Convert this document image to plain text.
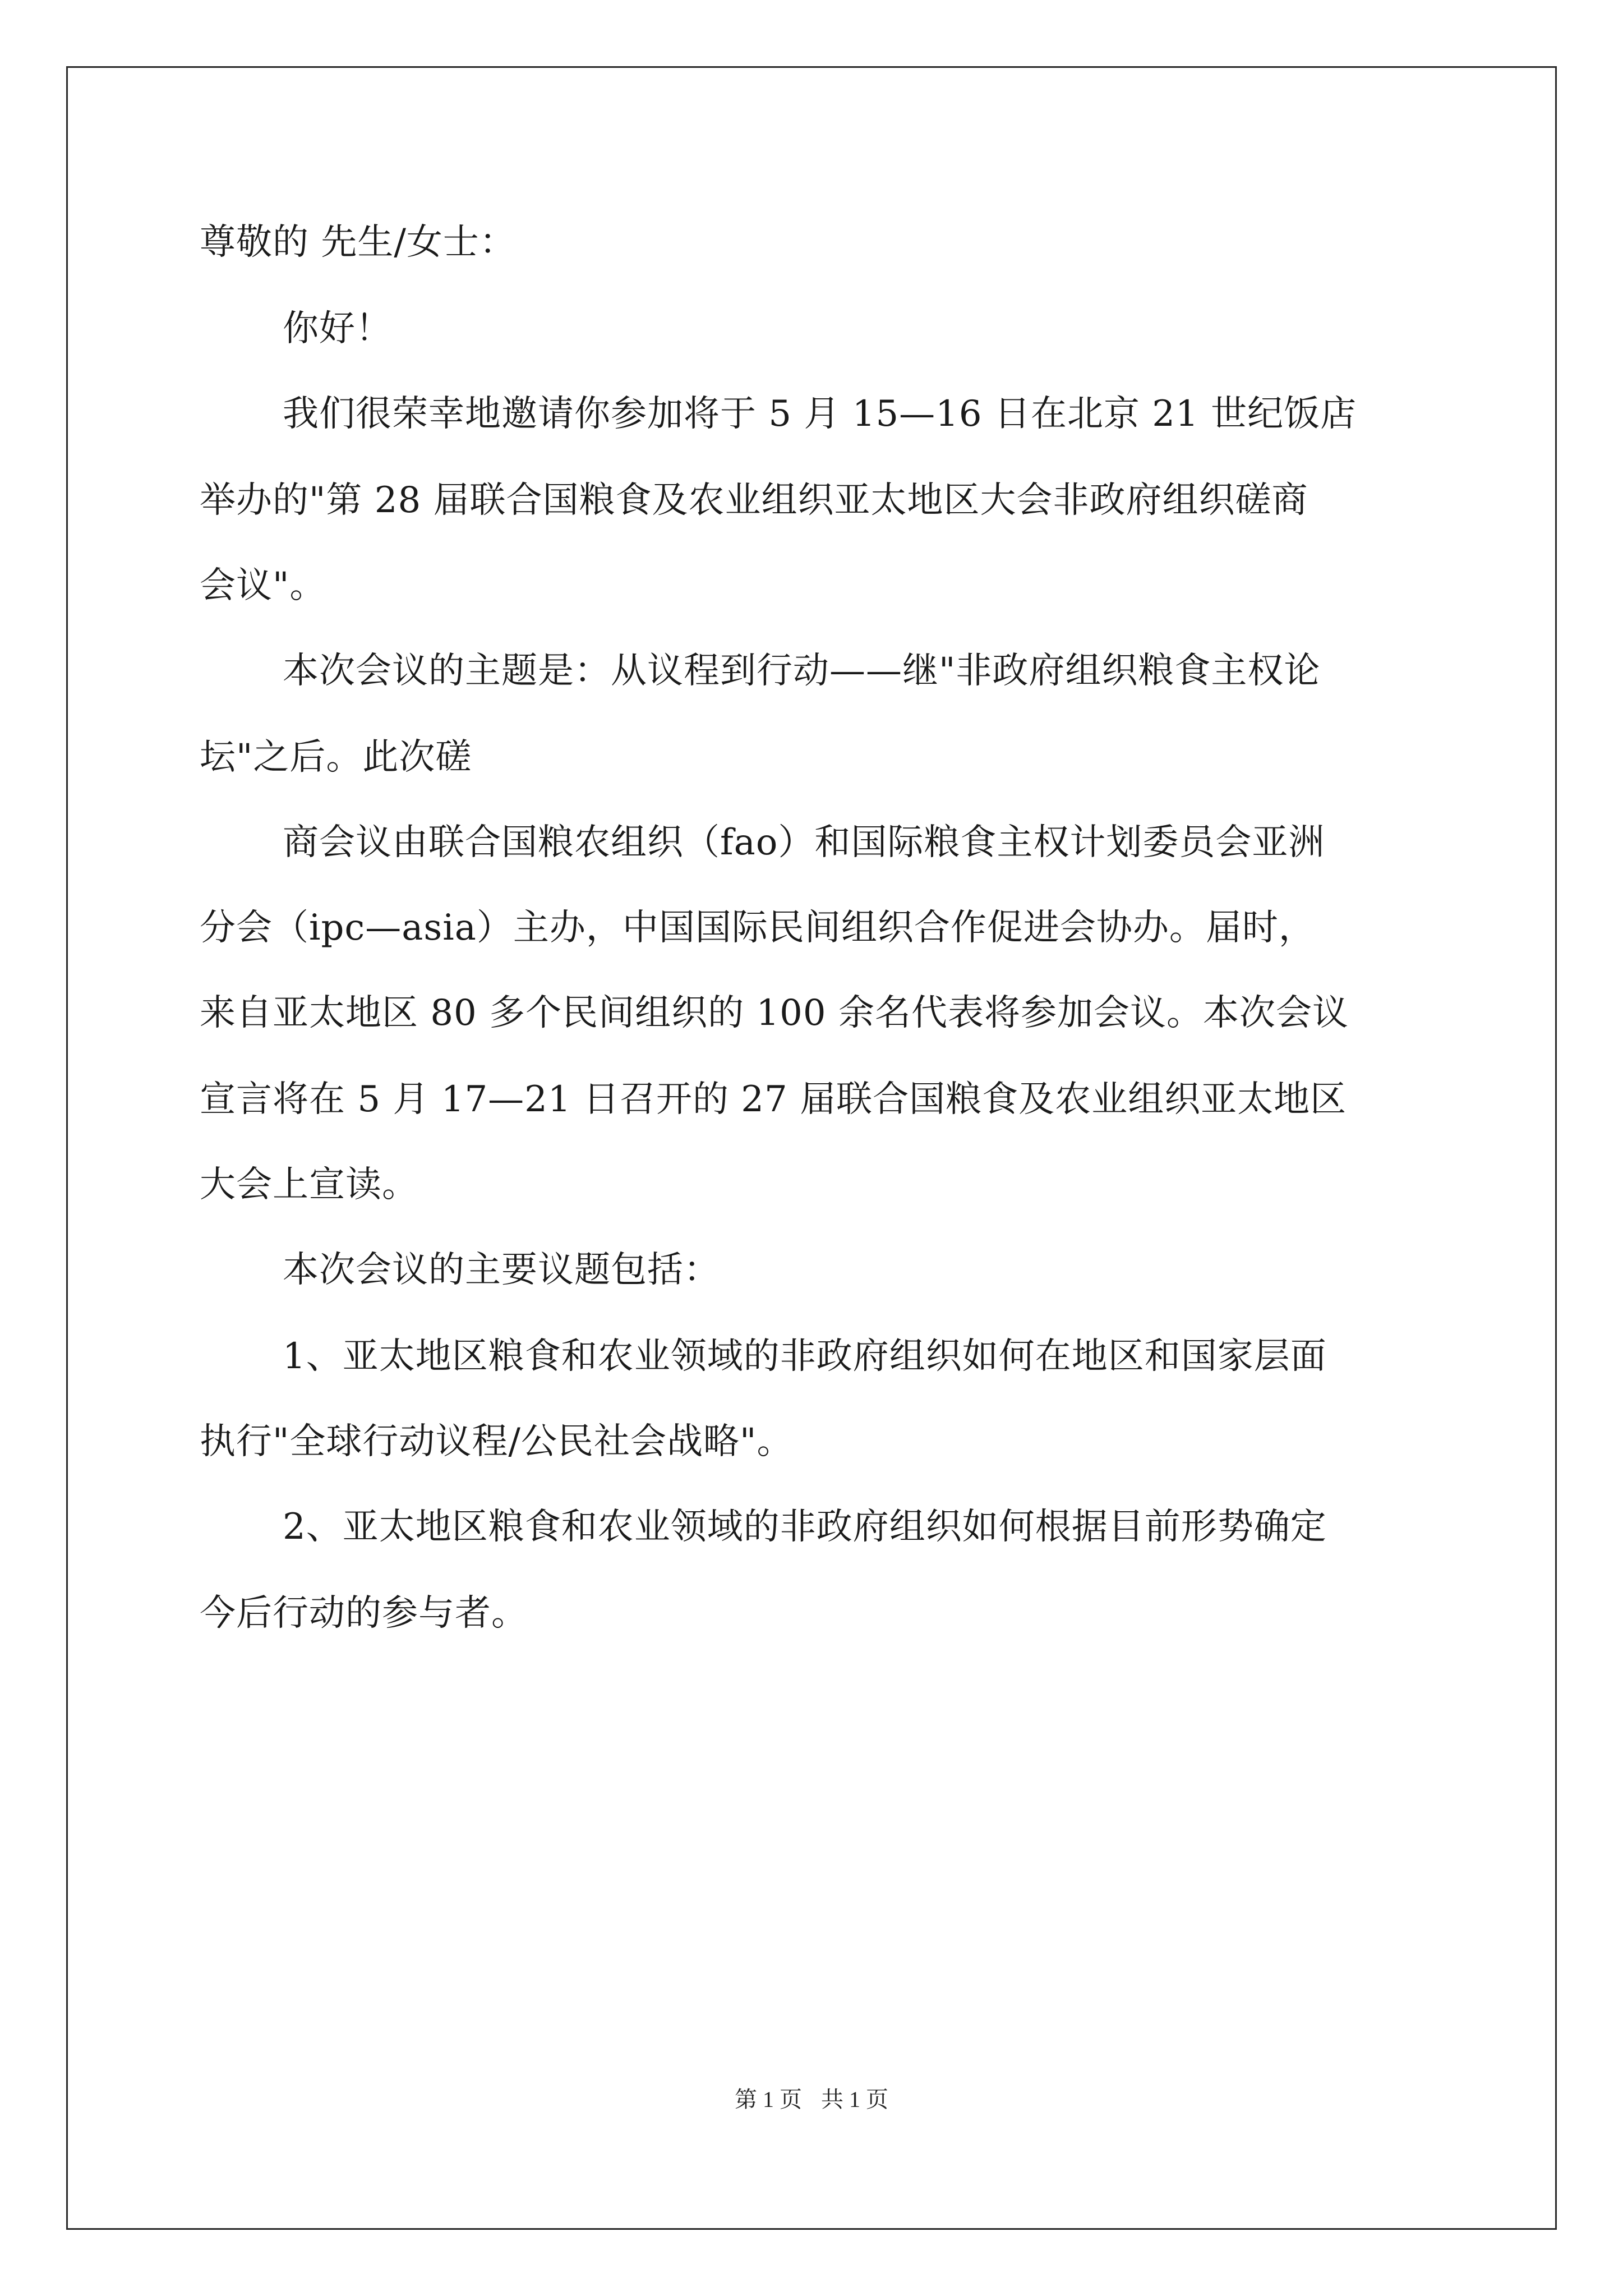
尊敬的 先生/女士：
你好！
我们很荣幸地邀请你参加将于 5 月 15—16 日在北京 21 世纪饭店
举办的"第 28 届联合国粮食及农业组织亚太地区大会非政府组织磋商
会议"。
本次会议的主题是：从议程到行动——继"非政府组织粮食主权论
坛"之后。此次磋
商会议由联合国粮农组织（fao）和国际粮食主权计划委员会亚洲
分会（ipc—asia）主办，中国国际民间组织合作促进会协办。届时，
来自亚太地区 80 多个民间组织的 100 余名代表将参加会议。本次会议
宣言将在 5 月 17—21 日召开的 27 届联合国粮食及农业组织亚太地区
大会上宣读。
本次会议的主要议题包括：
1、亚太地区粮食和农业领域的非政府组织如何在地区和国家层面
执行"全球行动议程/公民社会战略"。
2、亚太地区粮食和农业领域的非政府组织如何根据目前形势确定
今后行动的参与者。
第 1 页 共 1 页
